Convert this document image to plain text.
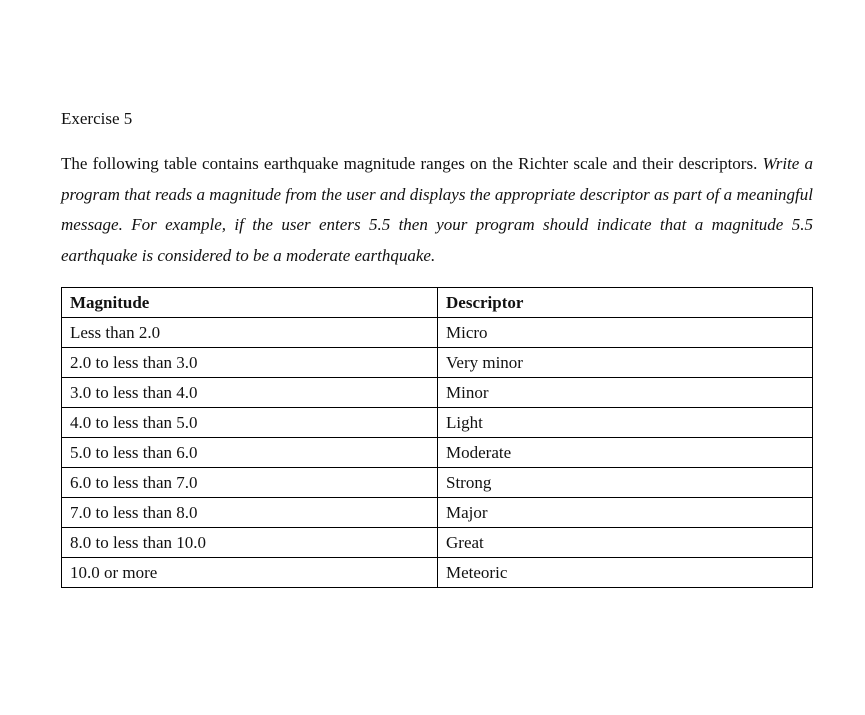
Exercise 5

The following table contains earthquake magnitude ranges on the Richter scale and their descriptors. Write a program that reads a magnitude from the user and displays the appropriate descriptor as part of a meaningful message. For example, if the user enters 5.5 then your program should indicate that a magnitude 5.5 earthquake is considered to be a moderate earthquake.

Magnitude	Descriptor
Less than 2.0	Micro
2.0 to less than 3.0	Very minor
3.0 to less than 4.0	Minor
4.0 to less than 5.0	Light
5.0 to less than 6.0	Moderate
6.0 to less than 7.0	Strong
7.0 to less than 8.0	Major
8.0 to less than 10.0	Great
10.0 or more	Meteoric
